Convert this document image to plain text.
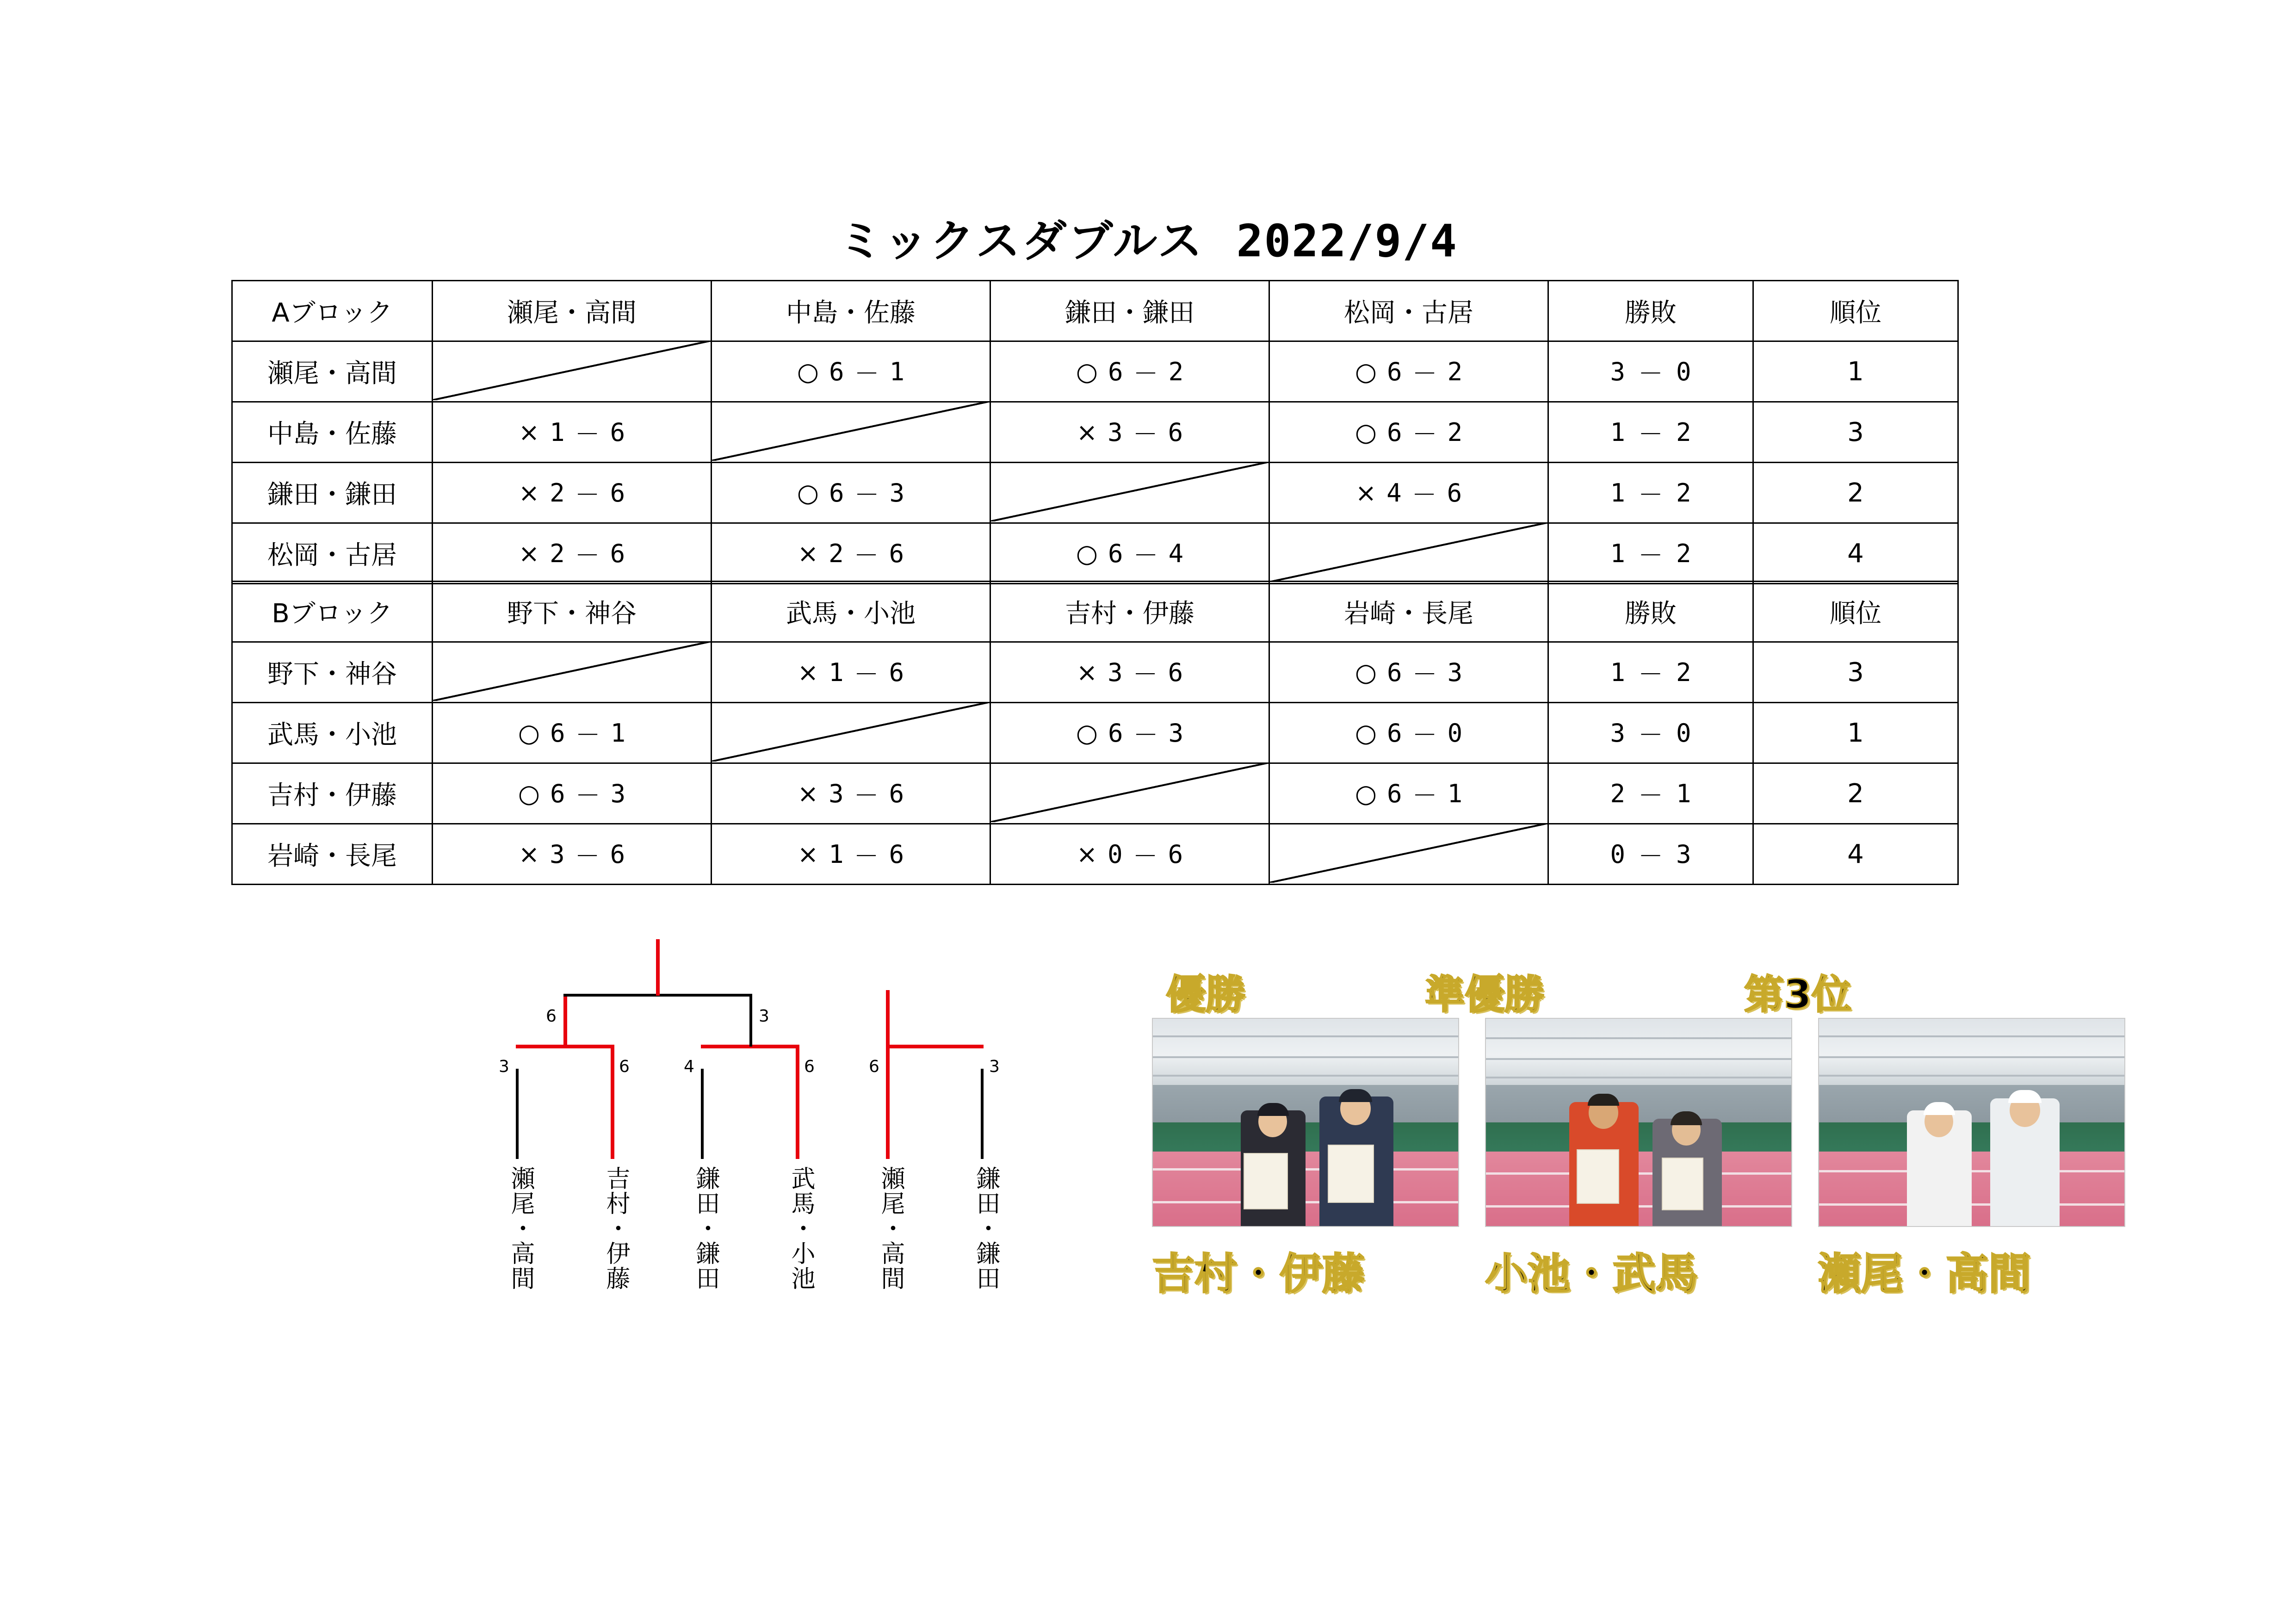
ミックスダブルス 2022/9/4
Aブロック	瀬尾・高間	中島・佐藤	鎌田・鎌田	松岡・古居	勝敗	順位
瀬尾・高間		○ 6 － 1	○ 6 － 2	○ 6 － 2	3 － 0	1
中島・佐藤	× 1 － 6		× 3 － 6	○ 6 － 2	1 － 2	3
鎌田・鎌田	× 2 － 6	○ 6 － 3		× 4 － 6	1 － 2	2
松岡・古居	× 2 － 6	× 2 － 6	○ 6 － 4		1 － 2	4
Bブロック	野下・神谷	武馬・小池	吉村・伊藤	岩崎・長尾	勝敗	順位
野下・神谷		× 1 － 6	× 3 － 6	○ 6 － 3	1 － 2	3
武馬・小池	○ 6 － 1		○ 6 － 3	○ 6 － 0	3 － 0	1
吉村・伊藤	○ 6 － 3	× 3 － 6		○ 6 － 1	2 － 1	2
岩崎・長尾	× 3 － 6	× 1 － 6	× 0 － 6		0 － 3	4
3	6	4	6
6	3
6	3
瀬尾・高間	吉村・伊藤	鎌田・鎌田	武馬・小池	瀬尾・高間	鎌田・鎌田
優勝	準優勝	第3位
吉村・伊藤	小池・武馬	瀬尾・高間
